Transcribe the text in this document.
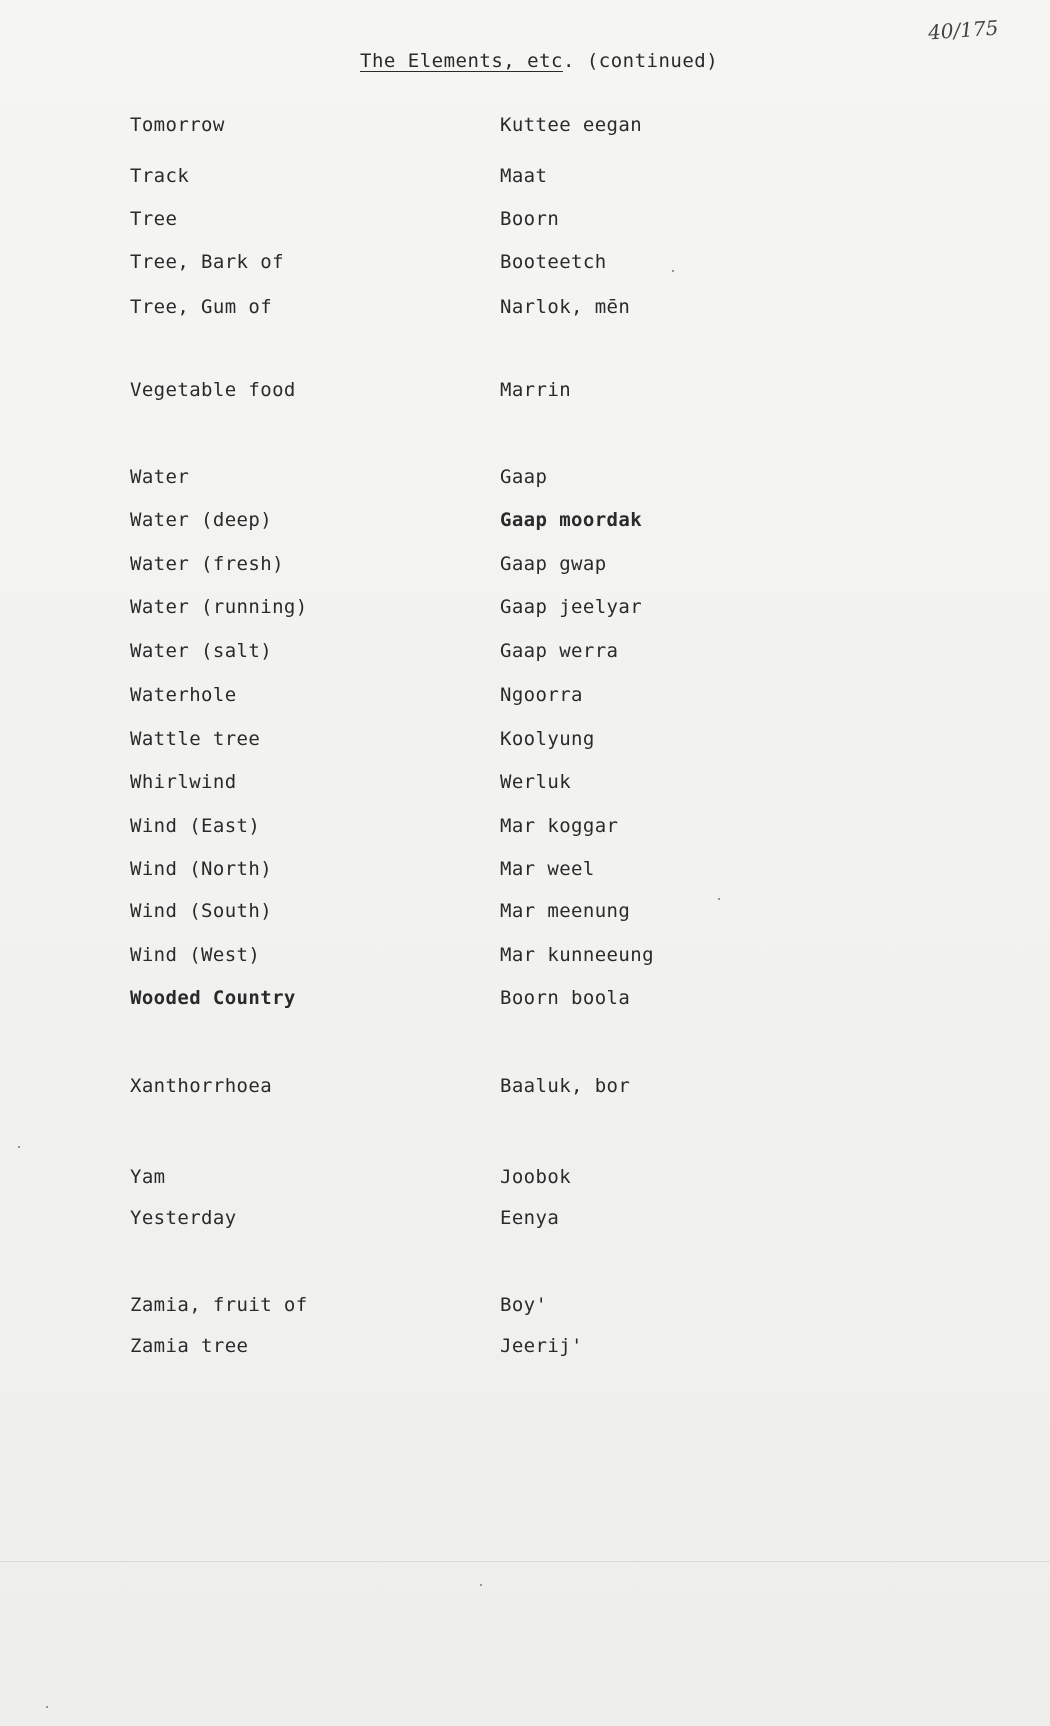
40/175
The Elements, etc. (continued)
Tomorrow	Kuttee eegan
Track	Maat
Tree	Boorn
Tree, Bark of	Booteetch
Tree, Gum of	Narlok, mēn
Vegetable food	Marrin
Water	Gaap
Water (deep)	Gaap moordak
Water (fresh)	Gaap gwap
Water (running)	Gaap jeelyar
Water (salt)	Gaap werra
Waterhole	Ngoorra
Wattle tree	Koolyung
Whirlwind	Werluk
Wind (East)	Mar koggar
Wind (North)	Mar weel
Wind (South)	Mar meenung
Wind (West)	Mar kunneeung
Wooded Country	Boorn boola
Xanthorrhoea	Baaluk, bor
Yam	Joobok
Yesterday	Eenya
Zamia, fruit of	Boy'
Zamia tree	Jeerij'
